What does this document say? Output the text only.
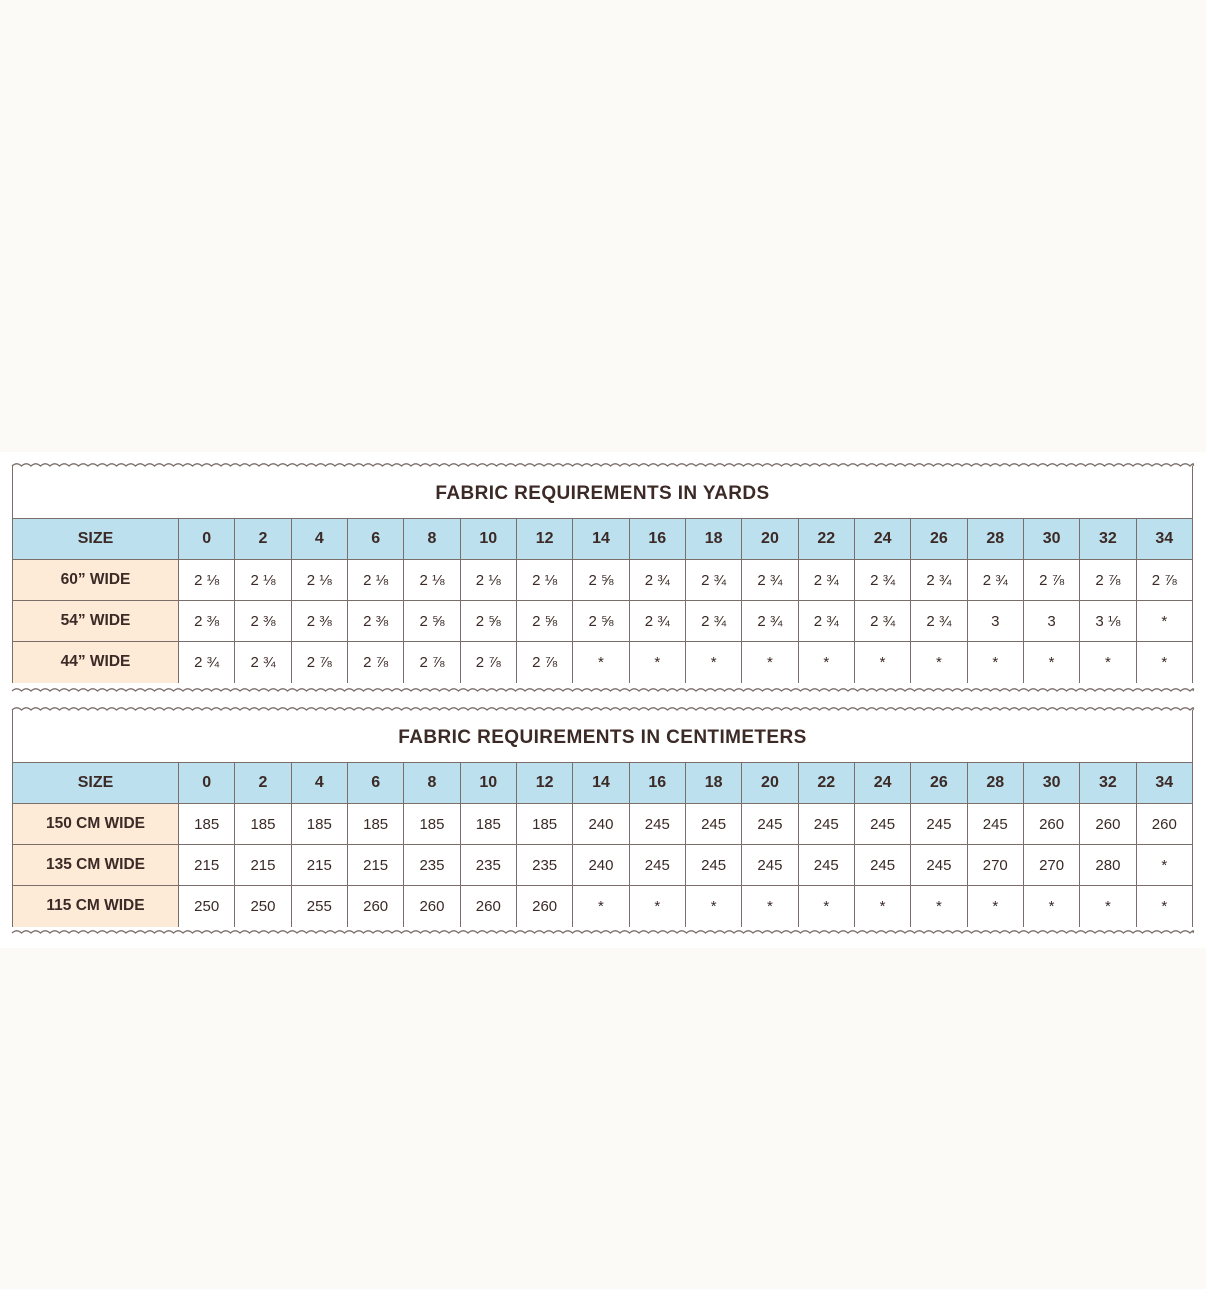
FABRIC REQUIREMENTS IN YARDS
SIZE	0	2	4	6	8	10	12	14	16	18	20	22	24	26	28	30	32	34
60” WIDE	2 ⅛	2 ⅛	2 ⅛	2 ⅛	2 ⅛	2 ⅛	2 ⅛	2 ⅝	2 ¾	2 ¾	2 ¾	2 ¾	2 ¾	2 ¾	2 ¾	2 ⅞	2 ⅞	2 ⅞
54” WIDE	2 ⅜	2 ⅜	2 ⅜	2 ⅜	2 ⅝	2 ⅝	2 ⅝	2 ⅝	2 ¾	2 ¾	2 ¾	2 ¾	2 ¾	2 ¾	3	3	3 ⅛	*
44” WIDE	2 ¾	2 ¾	2 ⅞	2 ⅞	2 ⅞	2 ⅞	2 ⅞	*	*	*	*	*	*	*	*	*	*	*
FABRIC REQUIREMENTS IN CENTIMETERS
SIZE	0	2	4	6	8	10	12	14	16	18	20	22	24	26	28	30	32	34
150 CM WIDE	185	185	185	185	185	185	185	240	245	245	245	245	245	245	245	260	260	260
135 CM WIDE	215	215	215	215	235	235	235	240	245	245	245	245	245	245	270	270	280	*
115 CM WIDE	250	250	255	260	260	260	260	*	*	*	*	*	*	*	*	*	*	*
